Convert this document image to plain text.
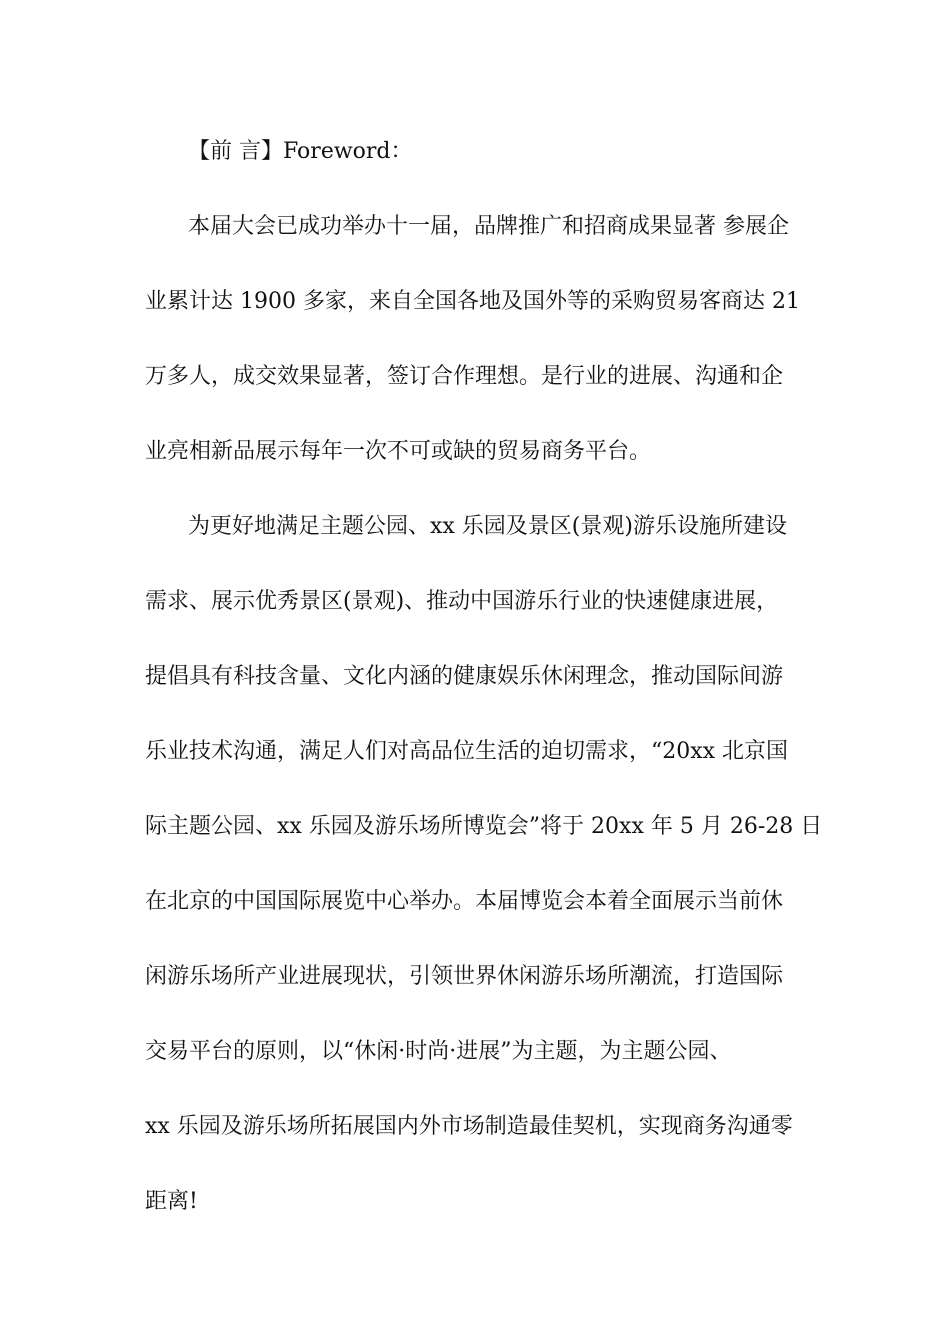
【前 言】Foreword：
本届大会已成功举办十一届，品牌推广和招商成果显著 参展企
业累计达 1900 多家，来自全国各地及国外等的采购贸易客商达 21
万多人，成交效果显著，签订合作理想。是行业的进展、沟通和企
业亮相新品展示每年一次不可或缺的贸易商务平台。
为更好地满足主题公园、xx 乐园及景区(景观)游乐设施所建设
需求、展示优秀景区(景观)、推动中国游乐行业的快速健康进展，
提倡具有科技含量、文化内涵的健康娱乐休闲理念，推动国际间游
乐业技术沟通，满足人们对高品位生活的迫切需求，“20xx 北京国
际主题公园、xx 乐园及游乐场所博览会”将于 20xx 年 5 月 26-28 日
在北京的中国国际展览中心举办。本届博览会本着全面展示当前休
闲游乐场所产业进展现状，引领世界休闲游乐场所潮流，打造国际
交易平台的原则，以“休闲·时尚·进展”为主题，为主题公园、
xx 乐园及游乐场所拓展国内外市场制造最佳契机，实现商务沟通零
距离!
